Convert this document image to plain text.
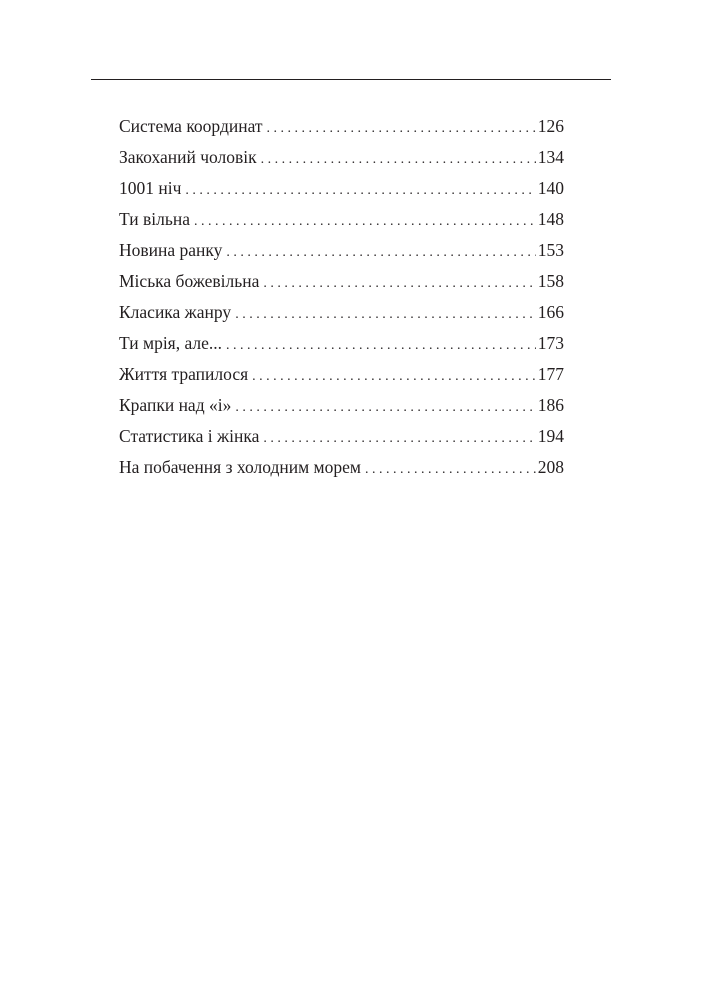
Система координат . . .	126
Закоханий чоловік . . .	134
1001 ніч . . .	140
Ти вільна . . .	148
Новина ранку . . .	153
Міська божевільна . . .	158
Класика жанру . . .	166
Ти мрія, але... . . .	173
Життя трапилося . . .	177
Крапки над «і» . . .	186
Статистика і жінка . . .	194
На побачення з холодним морем . . .	208
